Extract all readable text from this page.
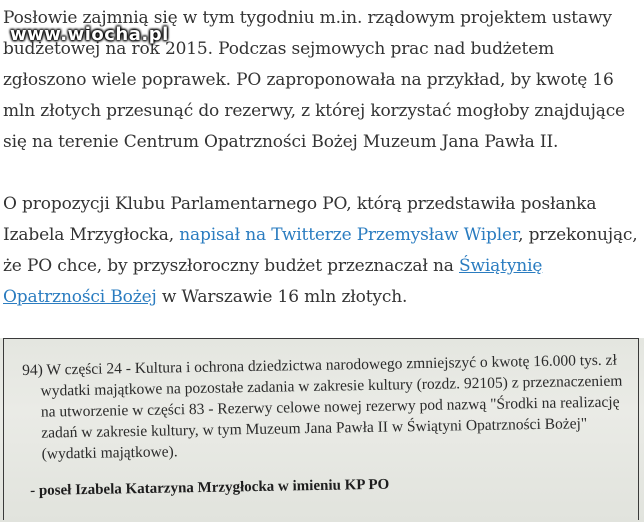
Posłowie zajmnią się w tym tygodniu m.in. rządowym projektem ustawy budżetowej na rok 2015. Podczas sejmowych prac nad budżetem zgłoszono wiele poprawek. PO zaproponowała na przykład, by kwotę 16 mln złotych przesunąć do rezerwy, z której korzystać mogłoby znajdujące się na terenie Centrum Opatrzności Bożej Muzeum Jana Pawła II.

O propozycji Klubu Parlamentarnego PO, którą przedstawiła posłanka Izabela Mrzygłocka, napisał na Twitterze Przemysław Wipler, przekonując, że PO chce, by przyszłoroczny budżet przeznaczał na Świątynię Opatrzności Bożej w Warszawie 16 mln złotych.

www.wiocha.pl
94) W części 24 - Kultura i ochrona dziedzictwa narodowego zmniejszyć o kwotę 16.000 tys. zł
wydatki majątkowe na pozostałe zadania w zakresie kultury (rozdz. 92105) z przeznaczeniem
na utworzenie w części 83 - Rezerwy celowe nowej rezerwy pod nazwą "Środki na realizację
zadań w zakresie kultury, w tym Muzeum Jana Pawła II w Świątyni Opatrzności Bożej"
(wydatki majątkowe).
- poseł Izabela Katarzyna Mrzygłocka w imieniu KP PO
